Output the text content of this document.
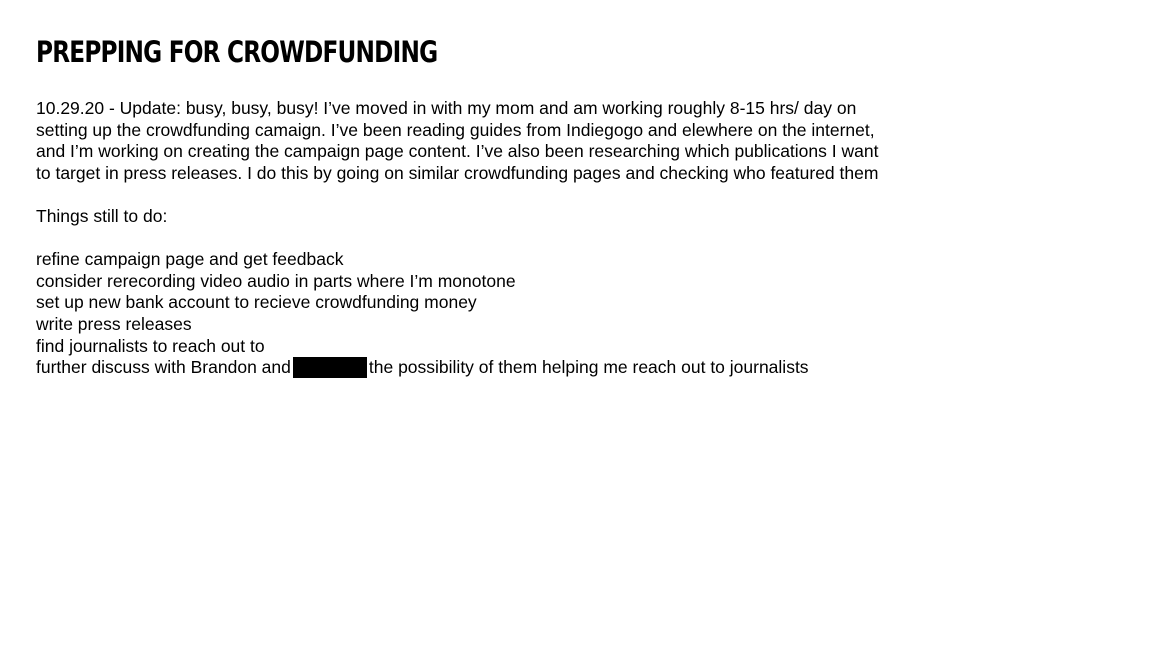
PREPPING FOR CROWDFUNDING

10.29.20 - Update: busy, busy, busy! I’ve moved in with my mom and am working roughly 8-15 hrs/ day on setting up the crowdfunding camaign. I’ve been reading guides from Indiegogo and elewhere on the internet, and I’m working on creating the campaign page content. I’ve also been researching which publications I want to target in press releases. I do this by going on similar crowdfunding pages and checking who featured them

Things still to do:

refine campaign page and get feedback
consider rerecording video audio in parts where I’m monotone
set up new bank account to recieve crowdfunding money
write press releases
find journalists to reach out to
further discuss with Brandon and	the possibility of them helping me reach out to journalists
